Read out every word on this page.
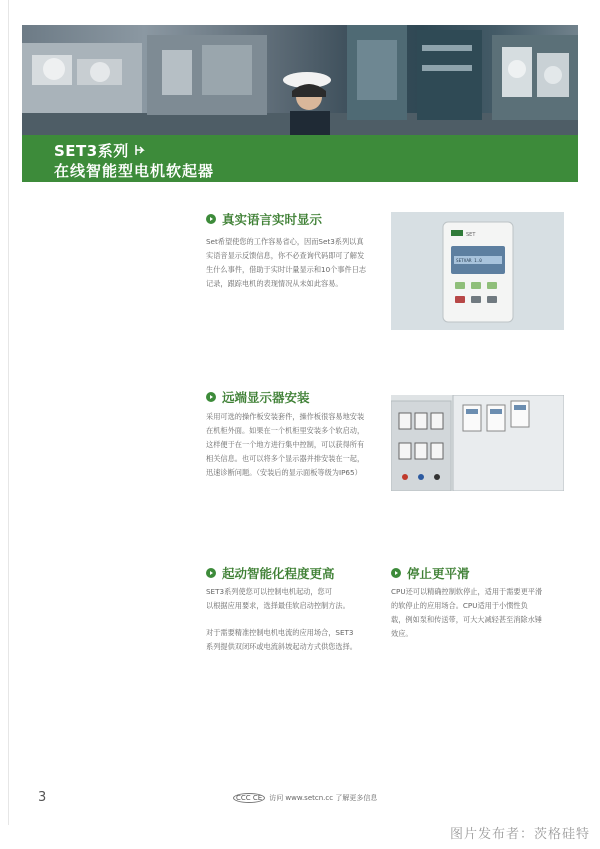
SET3系列
在线智能型电机软起器
真实语言实时显示

Set希望使您的工作容易省心，因而Set3系列以真

实语音显示反馈信息，你不必查询代码即可了解发

生什么事件，借助于实时计量显示和10个事件日志

记录，跟踪电机的表现情况从未如此容易。

SET
SETVAR 1.0
远端显示器安装

采用可选的操作板安装套件，操作板很容易地安装

在机柜外面。如果在一个机柜里安装多个软启动，

这样便于在一个地方进行集中控制，可以获得所有

相关信息。也可以将多个显示器并排安装在一起，

迅速诊断问题。（安装后的显示面板等级为IP65）

起动智能化程度更高

SET3系列使您可以控制电机起动，您可

以根据应用要求，选择最佳软启动控制方法。

对于需要精准控制电机电流的应用场合，SET3

系列提供双闭环或电流斜坡起动方式供您选择。

停止更平滑

CPU还可以精确控制软停止，适用于需要更平滑

的软停止的应用场合。CPU适用于小惯性负

载，例如泵和传送带，可大大减轻甚至消除水锤

效应。

3	CCC CE	访问 www.setcn.cc 了解更多信息
图片发布者：茨格硅特
